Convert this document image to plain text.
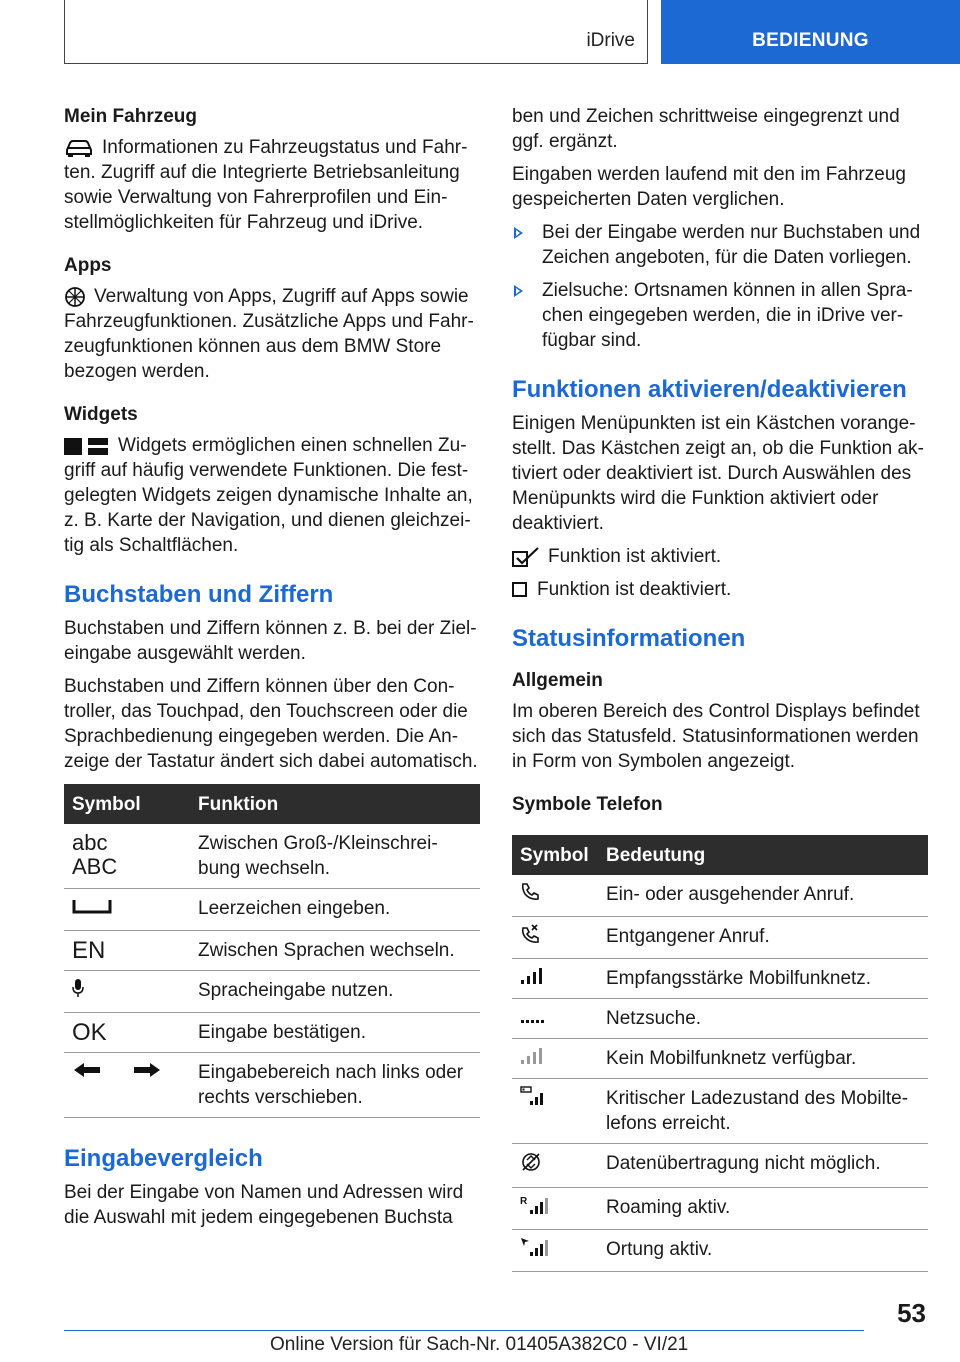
iDrive	BEDIENUNG
Mein Fahrzeug

Informationen zu Fahrzeugstatus und Fahrten. Zugriff auf die Integrierte Betriebsanleitung sowie Verwaltung von Fahrerprofilen und Einstellmöglichkeiten für Fahrzeug und iDrive.

Apps

Verwaltung von Apps, Zugriff auf Apps sowie Fahrzeugfunktionen. Zusätzliche Apps und Fahrzeugfunktionen können aus dem BMW Store bezogen werden.

Widgets

Widgets ermöglichen einen schnellen Zugriff auf häufig verwendete Funktionen. Die festgelegten Widgets zeigen dynamische Inhalte an, z. B. Karte der Navigation, und dienen gleichzeitig als Schaltflächen.

Buchstaben und Ziffern

Buchstaben und Ziffern können z. B. bei der Zieleingabe ausgewählt werden.

Buchstaben und Ziffern können über den Controller, das Touchpad, den Touchscreen oder die Sprachbedienung eingegeben werden. Die Anzeige der Tastatur ändert sich dabei automatisch.

Symbol	Funktion
abc
ABC	Zwischen Groß-/Kleinschreibung wechseln.
	Leerzeichen eingeben.
EN	Zwischen Sprachen wechseln.
	Spracheingabe nutzen.
OK	Eingabe bestätigen.
	Eingabebereich nach links oder rechts verschieben.
Eingabevergleich

Bei der Eingabe von Namen und Adressen wird die Auswahl mit jedem eingegebenen Buchsta

ben und Zeichen schrittweise eingegrenzt und ggf. ergänzt.

Eingaben werden laufend mit den im Fahrzeug gespeicherten Daten verglichen.

Bei der Eingabe werden nur Buchstaben und Zeichen angeboten, für die Daten vorliegen.
Zielsuche: Ortsnamen können in allen Sprachen eingegeben werden, die in iDrive verfügbar sind.
Funktionen aktivieren/deaktivieren

Einigen Menüpunkten ist ein Kästchen vorangestellt. Das Kästchen zeigt an, ob die Funktion aktiviert oder deaktiviert ist. Durch Auswählen des Menüpunkts wird die Funktion aktiviert oder deaktiviert.

Funktion ist aktiviert.

Funktion ist deaktiviert.

Statusinformationen
Allgemein

Im oberen Bereich des Control Displays befindet sich das Statusfeld. Statusinformationen werden in Form von Symbolen angezeigt.

Symbole Telefon
Symbol	Bedeutung
	Ein- oder ausgehender Anruf.
	Entgangener Anruf.
	Empfangsstärke Mobilfunknetz.
	Netzsuche.
	Kein Mobilfunknetz verfügbar.
	Kritischer Ladezustand des Mobiltelefons erreicht.
	Datenübertragung nicht möglich.

R	Roaming aktiv.
	Ortung aktiv.
53
Online Version für Sach-Nr. 01405A382C0 - VI/21
